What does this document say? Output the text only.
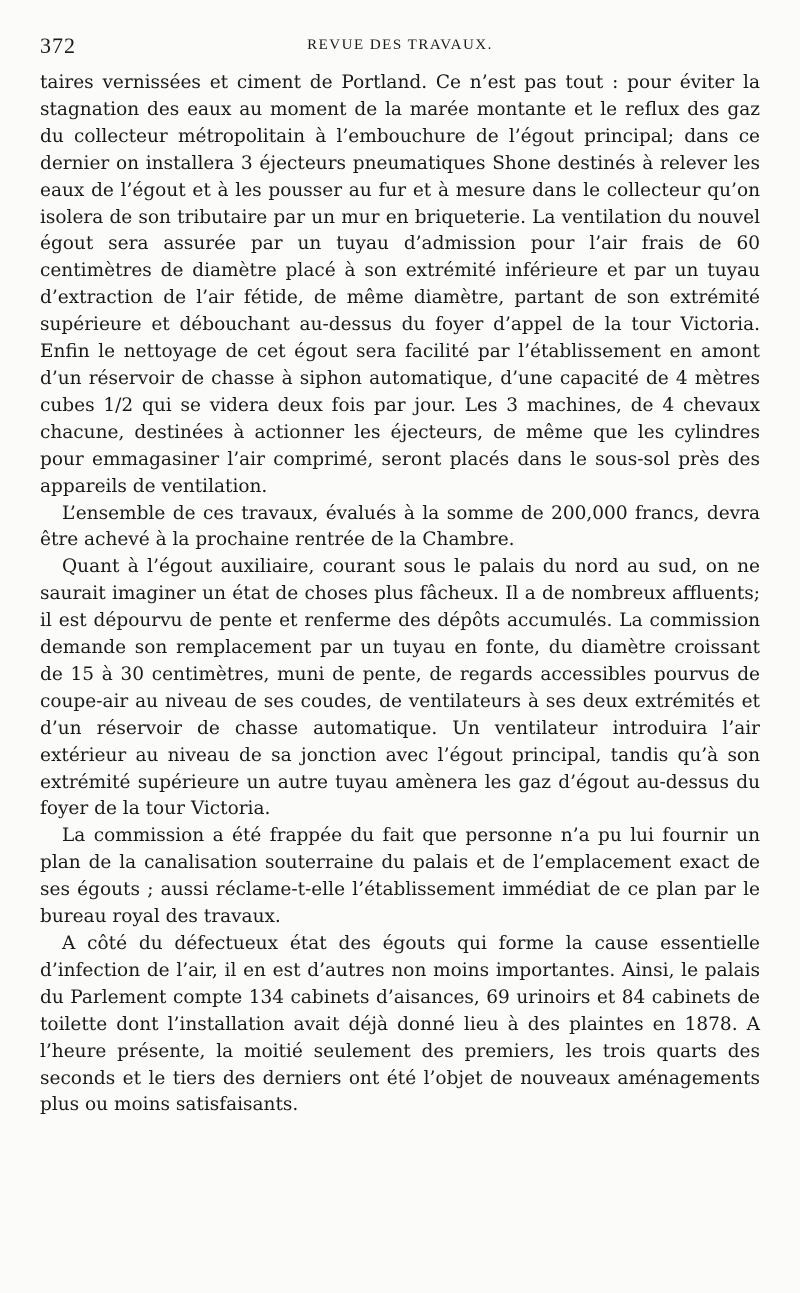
372	REVUE DES TRAVAUX.

taires vernissées et ciment de Portland. Ce n’est pas tout : pour éviter la stagnation des eaux au moment de la marée montante et le reflux des gaz du collecteur métropolitain à l’embouchure de l’égout principal; dans ce dernier on installera 3 éjecteurs pneumatiques Shone destinés à relever les eaux de l’égout et à les pousser au fur et à mesure dans le collecteur qu’on isolera de son tributaire par un mur en briqueterie. La ventilation du nouvel égout sera assurée par un tuyau d’admission pour l’air frais de 60 centimètres de diamètre placé à son extrémité inférieure et par un tuyau d’extraction de l’air fétide, de même diamètre, partant de son extrémité supérieure et débouchant au-dessus du foyer d’appel de la tour Victoria. Enfin le nettoyage de cet égout sera facilité par l’établissement en amont d’un réservoir de chasse à siphon automatique, d’une capacité de 4 mètres cubes 1/2 qui se videra deux fois par jour. Les 3 machines, de 4 chevaux chacune, destinées à actionner les éjecteurs, de même que les cylindres pour emmagasiner l’air comprimé, seront placés dans le sous-sol près des appareils de ventilation.

L’ensemble de ces travaux, évalués à la somme de 200,000 francs, devra être achevé à la prochaine rentrée de la Chambre.

Quant à l’égout auxiliaire, courant sous le palais du nord au sud, on ne saurait imaginer un état de choses plus fâcheux. Il a de nombreux affluents; il est dépourvu de pente et renferme des dépôts accumulés. La commission demande son remplacement par un tuyau en fonte, du diamètre croissant de 15 à 30 centimètres, muni de pente, de regards accessibles pourvus de coupe-air au niveau de ses coudes, de ventilateurs à ses deux extrémités et d’un réservoir de chasse automatique. Un ventilateur introduira l’air extérieur au niveau de sa jonction avec l’égout principal, tandis qu’à son extrémité supérieure un autre tuyau amènera les gaz d’égout au-dessus du foyer de la tour Victoria.

La commission a été frappée du fait que personne n’a pu lui fournir un plan de la canalisation souterraine du palais et de l’emplacement exact de ses égouts ; aussi réclame-t-elle l’établissement immédiat de ce plan par le bureau royal des travaux.

A côté du défectueux état des égouts qui forme la cause essentielle d’infection de l’air, il en est d’autres non moins importantes. Ainsi, le palais du Parlement compte 134 cabinets d’aisances, 69 urinoirs et 84 cabinets de toilette dont l’installation avait déjà donné lieu à des plaintes en 1878. A l’heure présente, la moitié seulement des premiers, les trois quarts des seconds et le tiers des derniers ont été l’objet de nouveaux aménagements plus ou moins satisfaisants.
